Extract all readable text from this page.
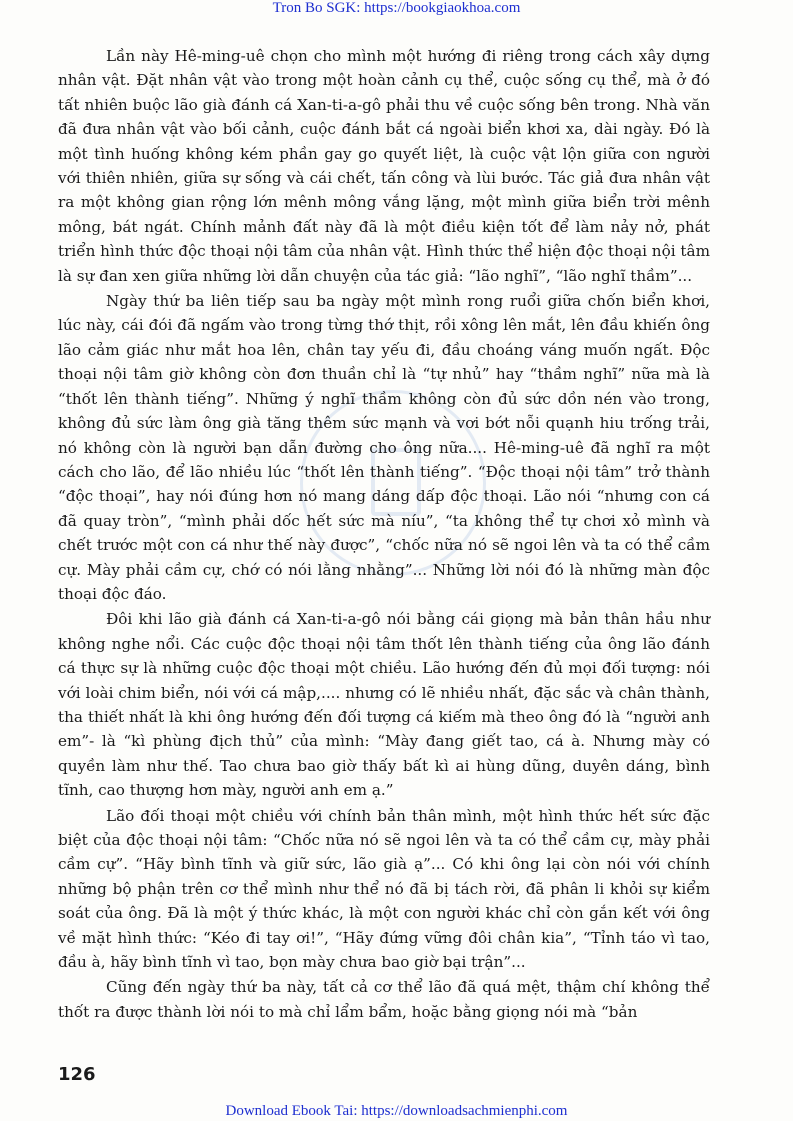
Tron Bo SGK: https://bookgiaokhoa.com

Lần này Hê-ming-uê chọn cho mình một hướng đi riêng trong cách xây dựng nhân vật. Đặt nhân vật vào trong một hoàn cảnh cụ thể, cuộc sống cụ thể, mà ở đó tất nhiên buộc lão già đánh cá Xan-ti-a-gô phải thu về cuộc sống bên trong. Nhà văn đã đưa nhân vật vào bối cảnh, cuộc đánh bắt cá ngoài biển khơi xa, dài ngày. Đó là một tình huống không kém phần gay go quyết liệt, là cuộc vật lộn giữa con người với thiên nhiên, giữa sự sống và cái chết, tấn công và lùi bước. Tác giả đưa nhân vật ra một không gian rộng lớn mênh mông vắng lặng, một mình giữa biển trời mênh mông, bát ngát. Chính mảnh đất này đã là một điều kiện tốt để làm nảy nở, phát triển hình thức độc thoại nội tâm của nhân vật. Hình thức thể hiện độc thoại nội tâm là sự đan xen giữa những lời dẫn chuyện của tác giả: “lão nghĩ”, “lão nghĩ thầm”...

Ngày thứ ba liên tiếp sau ba ngày một mình rong ruổi giữa chốn biển khơi, lúc này, cái đói đã ngấm vào trong từng thớ thịt, rồi xông lên mắt, lên đầu khiến ông lão cảm giác như mắt hoa lên, chân tay yếu đi, đầu choáng váng muốn ngất. Độc thoại nội tâm giờ không còn đơn thuần chỉ là “tự nhủ” hay “thầm nghĩ” nữa mà là “thốt lên thành tiếng”. Những ý nghĩ thầm không còn đủ sức dồn nén vào trong, không đủ sức làm ông già tăng thêm sức mạnh và vơi bớt nỗi quạnh hiu trống trải, nó không còn là người bạn dẫn đường cho ông nữa.... Hê-ming-uê đã nghĩ ra một cách cho lão, để lão nhiều lúc “thốt lên thành tiếng”. “Độc thoại nội tâm” trở thành “độc thoại”, hay nói đúng hơn nó mang dáng dấp độc thoại. Lão nói “nhưng con cá đã quay tròn”, “mình phải dốc hết sức mà níu”, “ta không thể tự chơi xỏ mình và chết trước một con cá như thế này được”, “chốc nữa nó sẽ ngoi lên và ta có thể cầm cự. Mày phải cầm cự, chớ có nói lằng nhằng”... Những lời nói đó là những màn độc thoại độc đáo.

Đôi khi lão già đánh cá Xan-ti-a-gô nói bằng cái giọng mà bản thân hầu như không nghe nổi. Các cuộc độc thoại nội tâm thốt lên thành tiếng của ông lão đánh cá thực sự là những cuộc độc thoại một chiều. Lão hướng đến đủ mọi đối tượng: nói với loài chim biển, nói với cá mập,.... nhưng có lẽ nhiều nhất, đặc sắc và chân thành, tha thiết nhất là khi ông hướng đến đối tượng cá kiếm mà theo ông đó là “người anh em”- là “kì phùng địch thủ” của mình: “Mày đang giết tao, cá à. Nhưng mày có quyền làm như thế. Tao chưa bao giờ thấy bất kì ai hùng dũng, duyên dáng, bình tĩnh, cao thượng hơn mày, người anh em ạ.”

Lão đối thoại một chiều với chính bản thân mình, một hình thức hết sức đặc biệt của độc thoại nội tâm: “Chốc nữa nó sẽ ngoi lên và ta có thể cầm cự, mày phải cầm cự”. “Hãy bình tĩnh và giữ sức, lão già ạ”... Có khi ông lại còn nói với chính những bộ phận trên cơ thể mình như thể nó đã bị tách rời, đã phân li khỏi sự kiểm soát của ông. Đã là một ý thức khác, là một con người khác chỉ còn gắn kết với ông về mặt hình thức: “Kéo đi tay ơi!”, “Hãy đứng vững đôi chân kia”, “Tỉnh táo vì tao, đầu à, hãy bình tĩnh vì tao, bọn mày chưa bao giờ bại trận”...

Cũng đến ngày thứ ba này, tất cả cơ thể lão đã quá mệt, thậm chí không thể thốt ra được thành lời nói to mà chỉ lẩm bẩm, hoặc bằng giọng nói mà “bản

126
Download Ebook Tai: https://downloadsachmienphi.com
